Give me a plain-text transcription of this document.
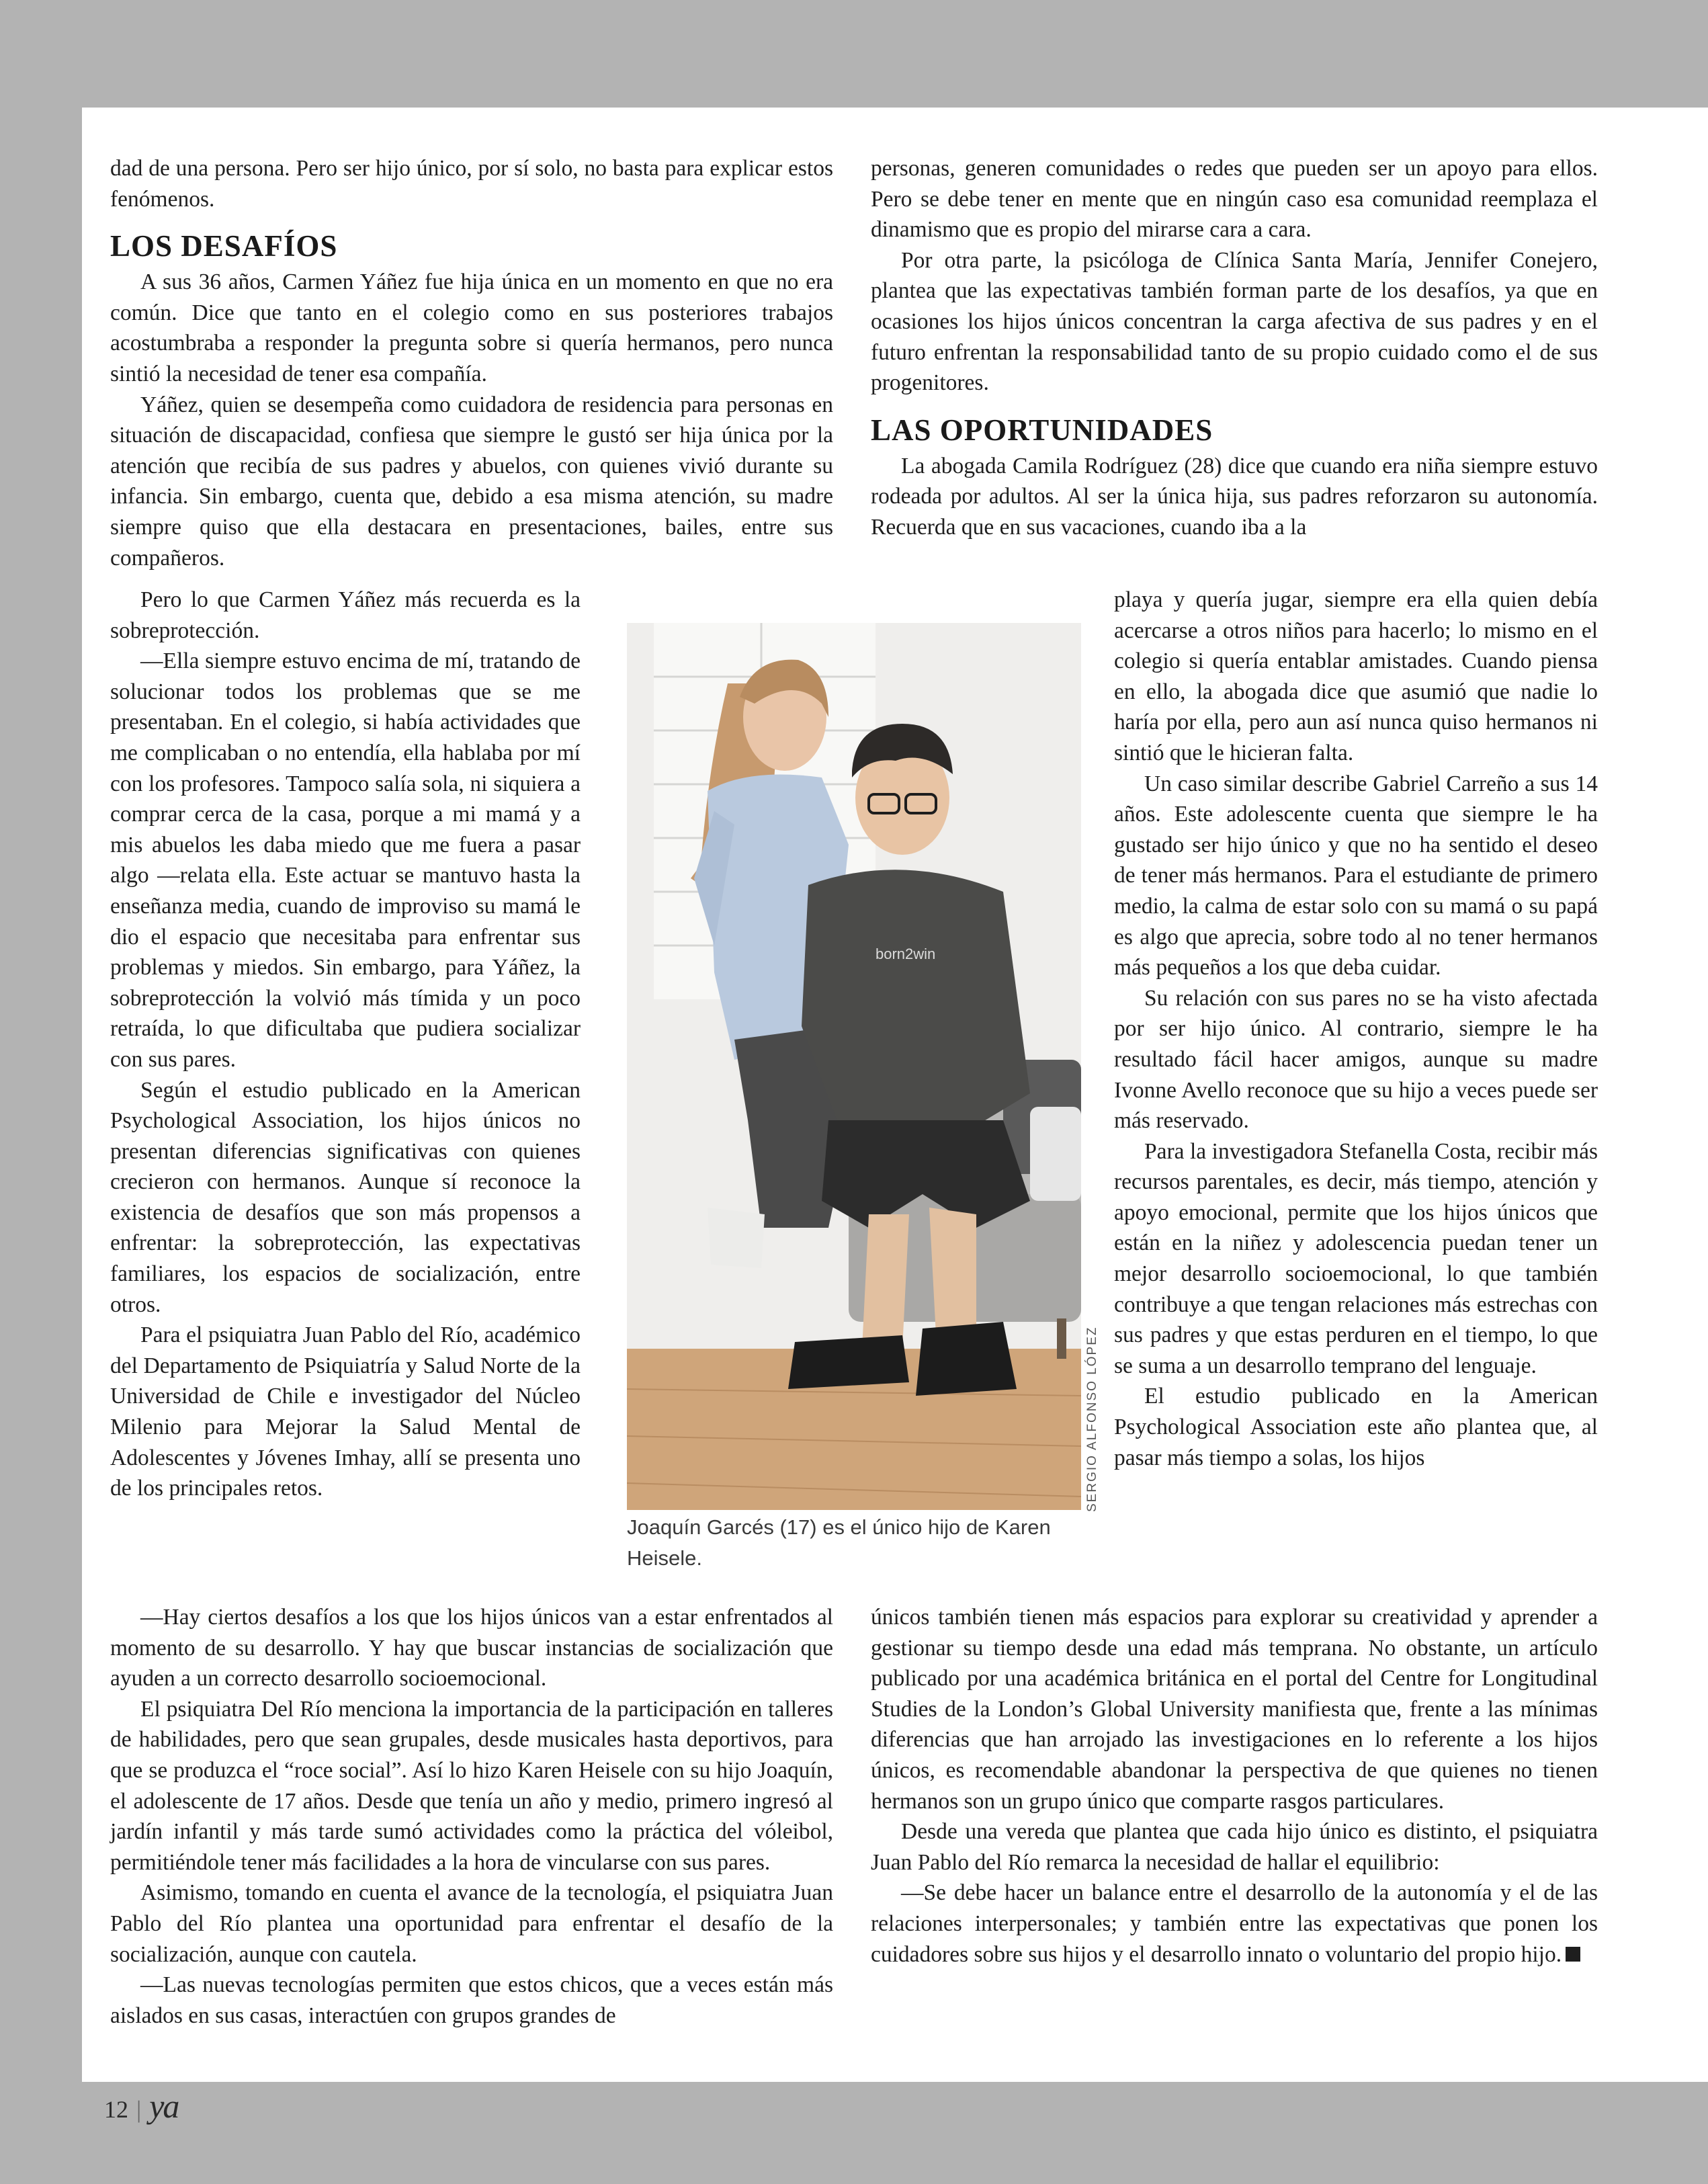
dad de una persona. Pero ser hijo único, por sí solo, no basta para explicar estos fenómenos.

LOS DESAFÍOS

A sus 36 años, Carmen Yáñez fue hija única en un momento en que no era común. Dice que tanto en el colegio como en sus posteriores trabajos acostumbraba a responder la pregunta sobre si quería hermanos, pero nunca sintió la necesidad de tener esa compañía.

Yáñez, quien se desempeña como cuidadora de residencia para personas en situación de discapacidad, confiesa que siempre le gustó ser hija única por la atención que recibía de sus padres y abuelos, con quienes vivió durante su infancia. Sin embargo, cuenta que, debido a esa misma atención, su madre siempre quiso que ella destacara en presentaciones, bailes, entre sus compañeros.

Pero lo que Carmen Yáñez más recuerda es la sobreprotección.

—Ella siempre estuvo encima de mí, tratando de solucionar todos los problemas que se me presentaban. En el colegio, si había actividades que me complicaban o no entendía, ella hablaba por mí con los profesores. Tampoco salía sola, ni siquiera a comprar cerca de la casa, porque a mi mamá y a mis abuelos les daba miedo que me fuera a pasar algo —relata ella. Este actuar se mantuvo hasta la enseñanza media, cuando de improviso su mamá le dio el espacio que necesitaba para enfrentar sus problemas y miedos. Sin embargo, para Yáñez, la sobreprotección la volvió más tímida y un poco retraída, lo que dificultaba que pudiera socializar con sus pares.

Según el estudio publicado en la American Psychological Association, los hijos únicos no presentan diferencias significativas con quienes crecieron con hermanos. Aunque sí reconoce la existencia de desafíos que son más propensos a enfrentar: la sobreprotección, las expectativas familiares, los espacios de socialización, entre otros.

Para el psiquiatra Juan Pablo del Río, académico del Departamento de Psiquiatría y Salud Norte de la Universidad de Chile e investigador del Núcleo Milenio para Mejorar la Salud Mental de Adolescentes y Jóvenes Imhay, allí se presenta uno de los principales retos.

—Hay ciertos desafíos a los que los hijos únicos van a estar enfrentados al momento de su desarrollo. Y hay que buscar instancias de socialización que ayuden a un correcto desarrollo socioemocional.

El psiquiatra Del Río menciona la importancia de la participación en talleres de habilidades, pero que sean grupales, desde musicales hasta deportivos, para que se produzca el “roce social”. Así lo hizo Karen Heisele con su hijo Joaquín, el adolescente de 17 años. Desde que tenía un año y medio, primero ingresó al jardín infantil y más tarde sumó actividades como la práctica del vóleibol, permitiéndole tener más facilidades a la hora de vincularse con sus pares.

Asimismo, tomando en cuenta el avance de la tecnología, el psiquiatra Juan Pablo del Río plantea una oportunidad para enfrentar el desafío de la socialización, aunque con cautela.

—Las nuevas tecnologías permiten que estos chicos, que a veces están más aislados en sus casas, interactúen con grupos grandes de

personas, generen comunidades o redes que pueden ser un apoyo para ellos. Pero se debe tener en mente que en ningún caso esa comunidad reemplaza el dinamismo que es propio del mirarse cara a cara.

Por otra parte, la psicóloga de Clínica Santa María, Jennifer Conejero, plantea que las expectativas también forman parte de los desafíos, ya que en ocasiones los hijos únicos concentran la carga afectiva de sus padres y en el futuro enfrentan la responsabilidad tanto de su propio cuidado como el de sus progenitores.

LAS OPORTUNIDADES

La abogada Camila Rodríguez (28) dice que cuando era niña siempre estuvo rodeada por adultos. Al ser la única hija, sus padres reforzaron su autonomía. Recuerda que en sus vacaciones, cuando iba a la

playa y quería jugar, siempre era ella quien debía acercarse a otros niños para hacerlo; lo mismo en el colegio si quería entablar amistades. Cuando piensa en ello, la abogada dice que asumió que nadie lo haría por ella, pero aun así nunca quiso hermanos ni sintió que le hicieran falta.

Un caso similar describe Gabriel Carreño a sus 14 años. Este adolescente cuenta que siempre le ha gustado ser hijo único y que no ha sentido el deseo de tener más hermanos. Para el estudiante de primero medio, la calma de estar solo con su mamá o su papá es algo que aprecia, sobre todo al no tener hermanos más pequeños a los que deba cuidar.

Su relación con sus pares no se ha visto afectada por ser hijo único. Al contrario, siempre le ha resultado fácil hacer amigos, aunque su madre Ivonne Avello reconoce que su hijo a veces puede ser más reservado.

Para la investigadora Stefanella Costa, recibir más recursos parentales, es decir, más tiempo, atención y apoyo emocional, permite que los hijos únicos que están en la niñez y adolescencia puedan tener un mejor desarrollo socioemocional, lo que también contribuye a que tengan relaciones más estrechas con sus padres y que estas perduren en el tiempo, lo que se suma a un desarrollo temprano del lenguaje.

El estudio publicado en la American Psychological Association este año plantea que, al pasar más tiempo a solas, los hijos

únicos también tienen más espacios para explorar su creatividad y aprender a gestionar su tiempo desde una edad más temprana. No obstante, un artículo publicado por una académica británica en el portal del Centre for Longitudinal Studies de la London’s Global University manifiesta que, frente a las mínimas diferencias que han arrojado las investigaciones en lo referente a los hijos únicos, es recomendable abandonar la perspectiva de que quienes no tienen hermanos son un grupo único que comparte rasgos particulares.

Desde una vereda que plantea que cada hijo único es distinto, el psiquiatra Juan Pablo del Río remarca la necesidad de hallar el equilibrio:

—Se debe hacer un balance entre el desarrollo de la autonomía y el de las relaciones interpersonales; y también entre las expectativas que ponen los cuidadores sobre sus hijos y el desarrollo innato o voluntario del propio hijo.

born2win
SERGIO ALFONSO LÓPEZ
Joaquín Garcés (17) es el único hijo de Karen Heisele.
12 | ya
